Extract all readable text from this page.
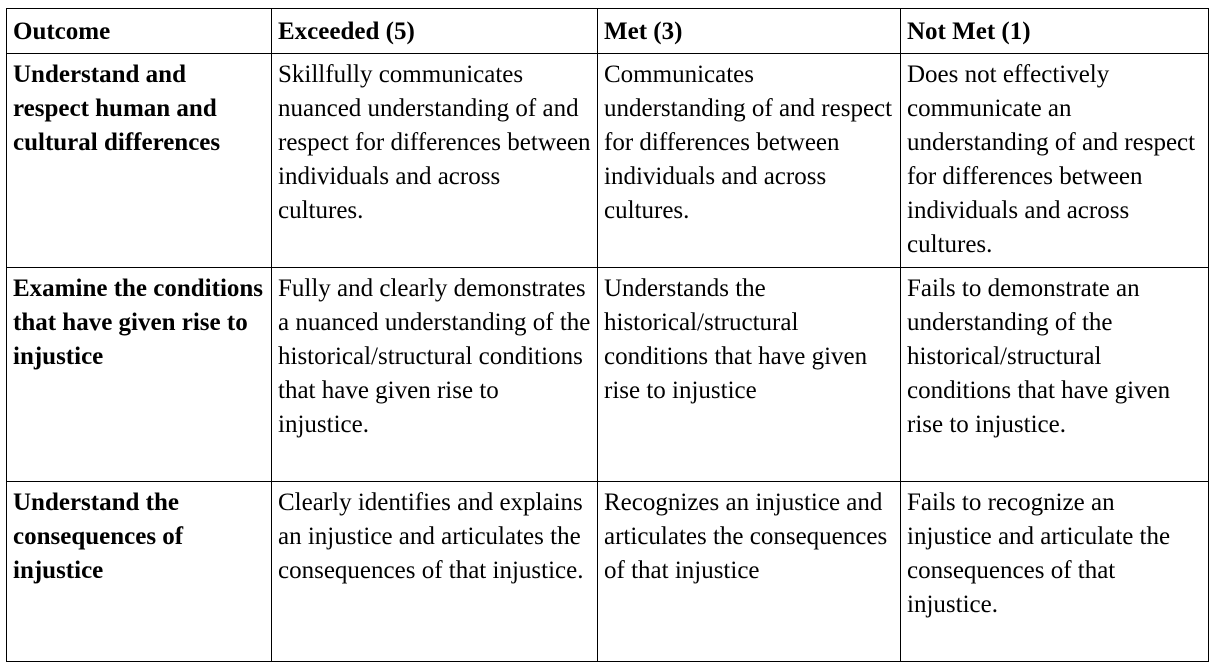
Outcome	Exceeded (5)	Met (3)	Not Met (1)
Understand and respect human and cultural differences	Skillfully communicates nuanced understanding of and respect for differences between individuals and across cultures.	Communicates understanding of and respect for differences between individuals and across cultures.	Does not effectively communicate an understanding of and respect for differences between individuals and across cultures.
Examine the conditions that have given rise to injustice	Fully and clearly demonstrates a nuanced understanding of the historical/structural conditions that have given rise to injustice.	Understands the historical/structural conditions that have given rise to injustice	Fails to demonstrate an understanding of the historical/structural conditions that have given rise to injustice.
Understand the consequences of injustice	Clearly identifies and explains an injustice and articulates the consequences of that injustice.	Recognizes an injustice and articulates the consequences of that injustice	Fails to recognize an injustice and articulate the consequences of that injustice.
